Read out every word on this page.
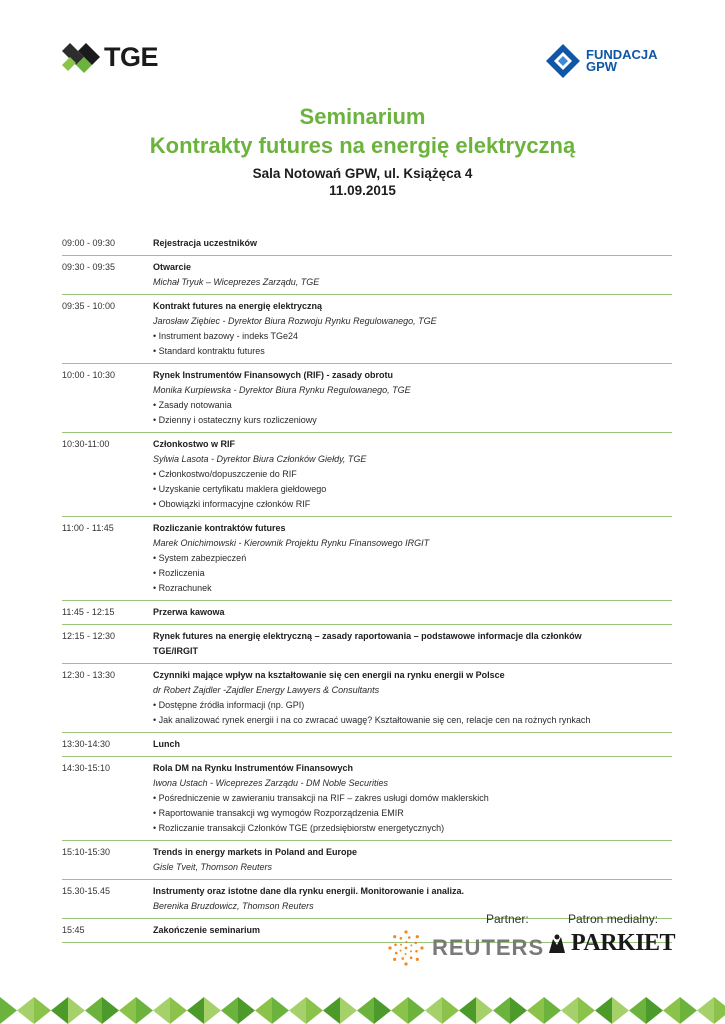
TGE	FUNDACJA
GPW
Seminarium
Kontrakty futures na energię elektryczną
Sala Notowań GPW, ul. Książęca 4
11.09.2015
09:00 - 09:30	Rejestracja uczestników
09:30 - 09:35	Otwarcie
Michał Tryuk – Wiceprezes Zarządu, TGE
09:35 - 10:00	Kontrakt futures na energię elektryczną
Jarosław Ziębiec - Dyrektor Biura Rozwoju Rynku Regulowanego, TGE
• Instrument bazowy - indeks TGe24
• Standard kontraktu futures
10:00 - 10:30	Rynek Instrumentów Finansowych (RIF) - zasady obrotu
Monika Kurpiewska - Dyrektor Biura Rynku Regulowanego, TGE
• Zasady notowania
• Dzienny i ostateczny kurs rozliczeniowy
10:30-11:00	Członkostwo w RIF
Sylwia Lasota - Dyrektor Biura Członków Giełdy, TGE
• Członkostwo/dopuszczenie do RIF
• Uzyskanie certyfikatu maklera giełdowego
• Obowiązki informacyjne członków RIF
11:00 - 11:45	Rozliczanie kontraktów futures
Marek Onichimowski - Kierownik Projektu Rynku Finansowego IRGIT
• System zabezpieczeń
• Rozliczenia
• Rozrachunek
11:45 - 12:15	Przerwa kawowa
12:15 - 12:30	Rynek futures na energię elektryczną – zasady raportowania – podstawowe informacje dla członków
TGE/IRGIT
12:30 - 13:30	Czynniki mające wpływ na kształtowanie się cen energii na rynku energii w Polsce
dr Robert Zajdler -Zajdler Energy Lawyers & Consultants
• Dostępne źródła informacji (np. GPI)
• Jak analizować rynek energii i na co zwracać uwagę? Kształtowanie się cen, relacje cen na rożnych rynkach
13:30-14:30	Lunch
14:30-15:10	Rola DM na Rynku Instrumentów Finansowych
Iwona Ustach - Wiceprezes Zarządu - DM Noble Securities
• Pośredniczenie w zawieraniu transakcji na RIF – zakres usługi domów maklerskich
• Raportowanie transakcji wg wymogów Rozporządzenia EMIR
• Rozliczanie transakcji Członków TGE (przedsiębiorstw energetycznych)
15:10-15:30	Trends in energy markets in Poland and Europe
Gisle Tveit, Thomson Reuters
15.30-15.45	Instrumenty oraz istotne dane dla rynku energii. Monitorowanie i analiza.
Berenika Bruzdowicz, Thomson Reuters
15:45	Zakończenie seminarium
Partner:	Patron medialny:
REUTERS PARKIET
